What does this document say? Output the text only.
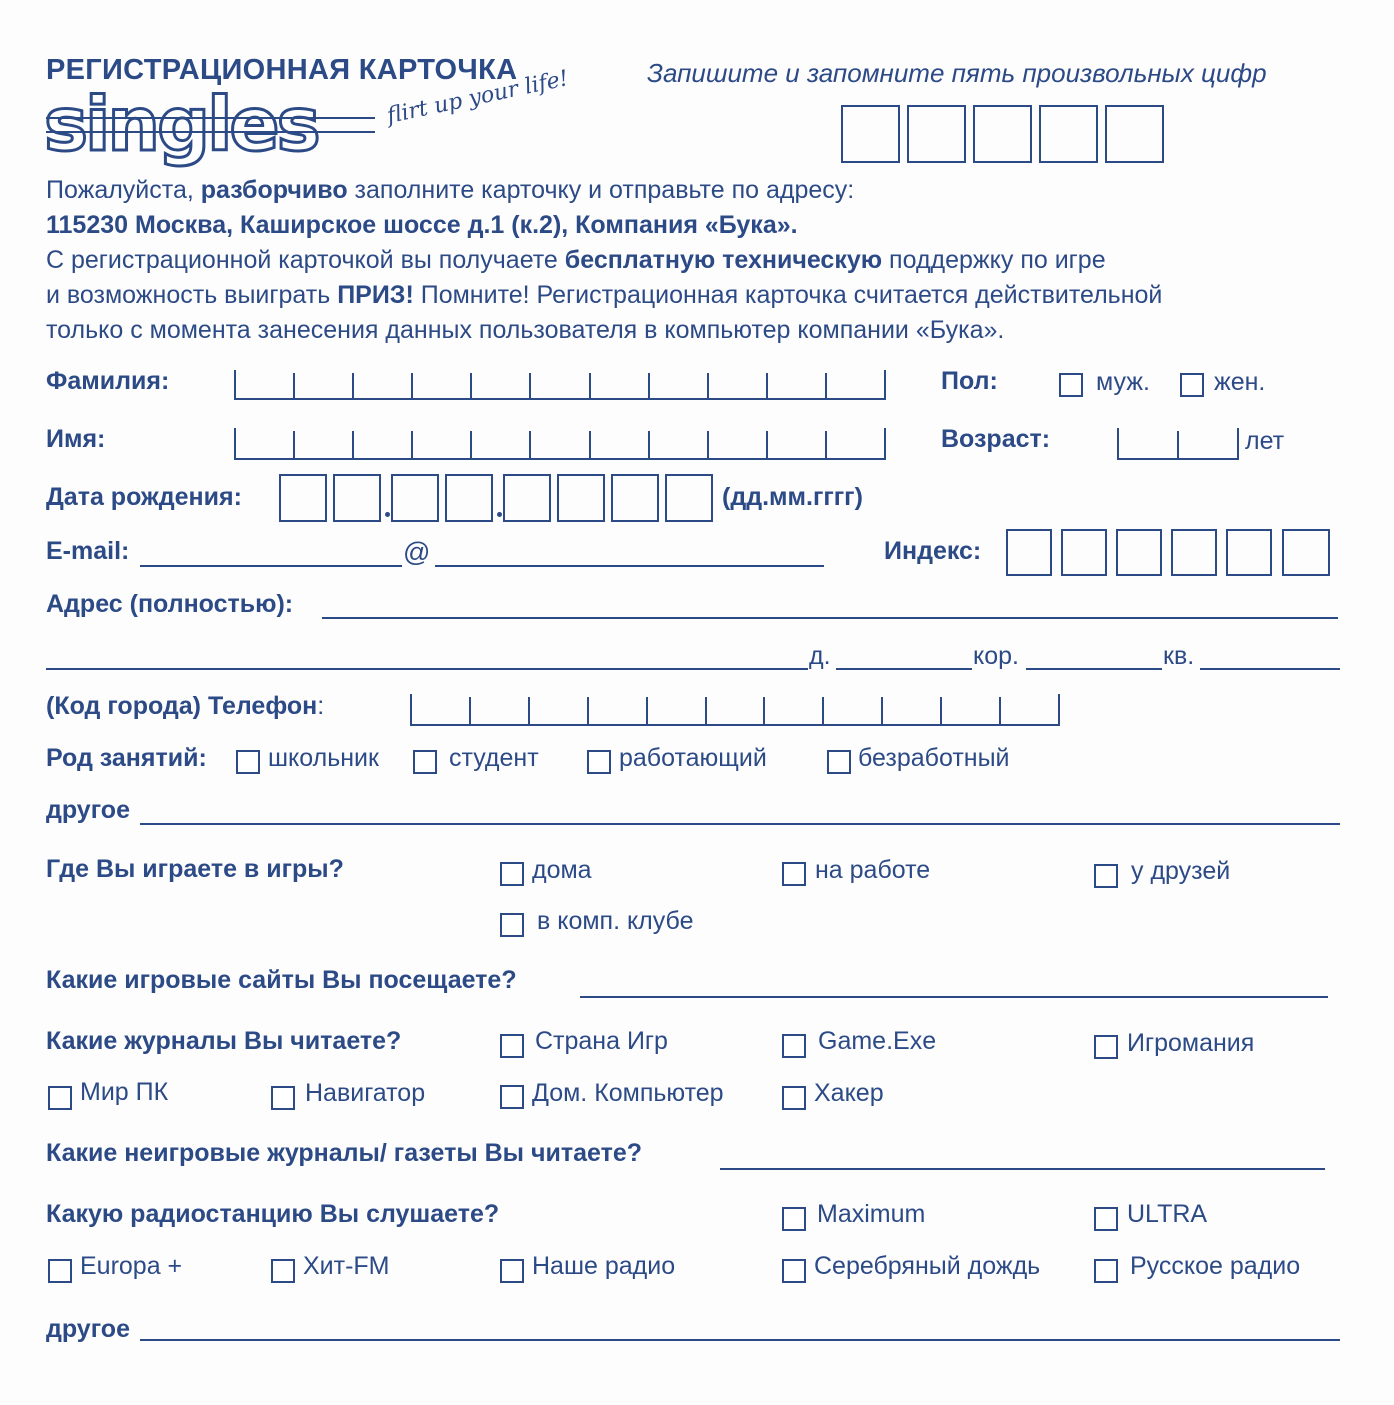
РЕГИСТРАЦИОННАЯ КАРТОЧКА	Запишите и запомните пять произвольных цифр
singles	flirt up your life!
Пожалуйста, разборчиво заполните карточку и отправьте по адресу:
115230 Москва, Каширское шоссе д.1 (к.2), Компания «Бука».
С регистрационной карточкой вы получаете бесплатную техническую поддержку по игре
и возможность выиграть ПРИЗ! Помните! Регистрационная карточка считается действительной
только с момента занесения данных пользователя в компьютер компании «Бука».
Фамилия:	Пол:	муж.	жен.
Имя:	Возраст:	лет
Дата рождения:	(дд.мм.гггг)
E-mail:	@	Индекс:
Адрес (полностью):
д.	кор.	кв.
(Код города) Телефон:
Род занятий: школьник	студент	работающий	безработный
другое
Где Вы играете в игры?	дома	на работе	у друзей
в комп. клубе
Какие игровые сайты Вы посещаете?
Какие журналы Вы читаете?	Страна Игр	Game.Exe	Игромания
Мир ПК	Навигатор	Дом. Компьютер	Хакер
Какие неигровые журналы/ газеты Вы читаете?
Какую радиостанцию Вы слушаете?	Maximum	ULTRA
Europa +	Хит-FM	Наше радио	Серебряный дождь	Русское радио
другое
